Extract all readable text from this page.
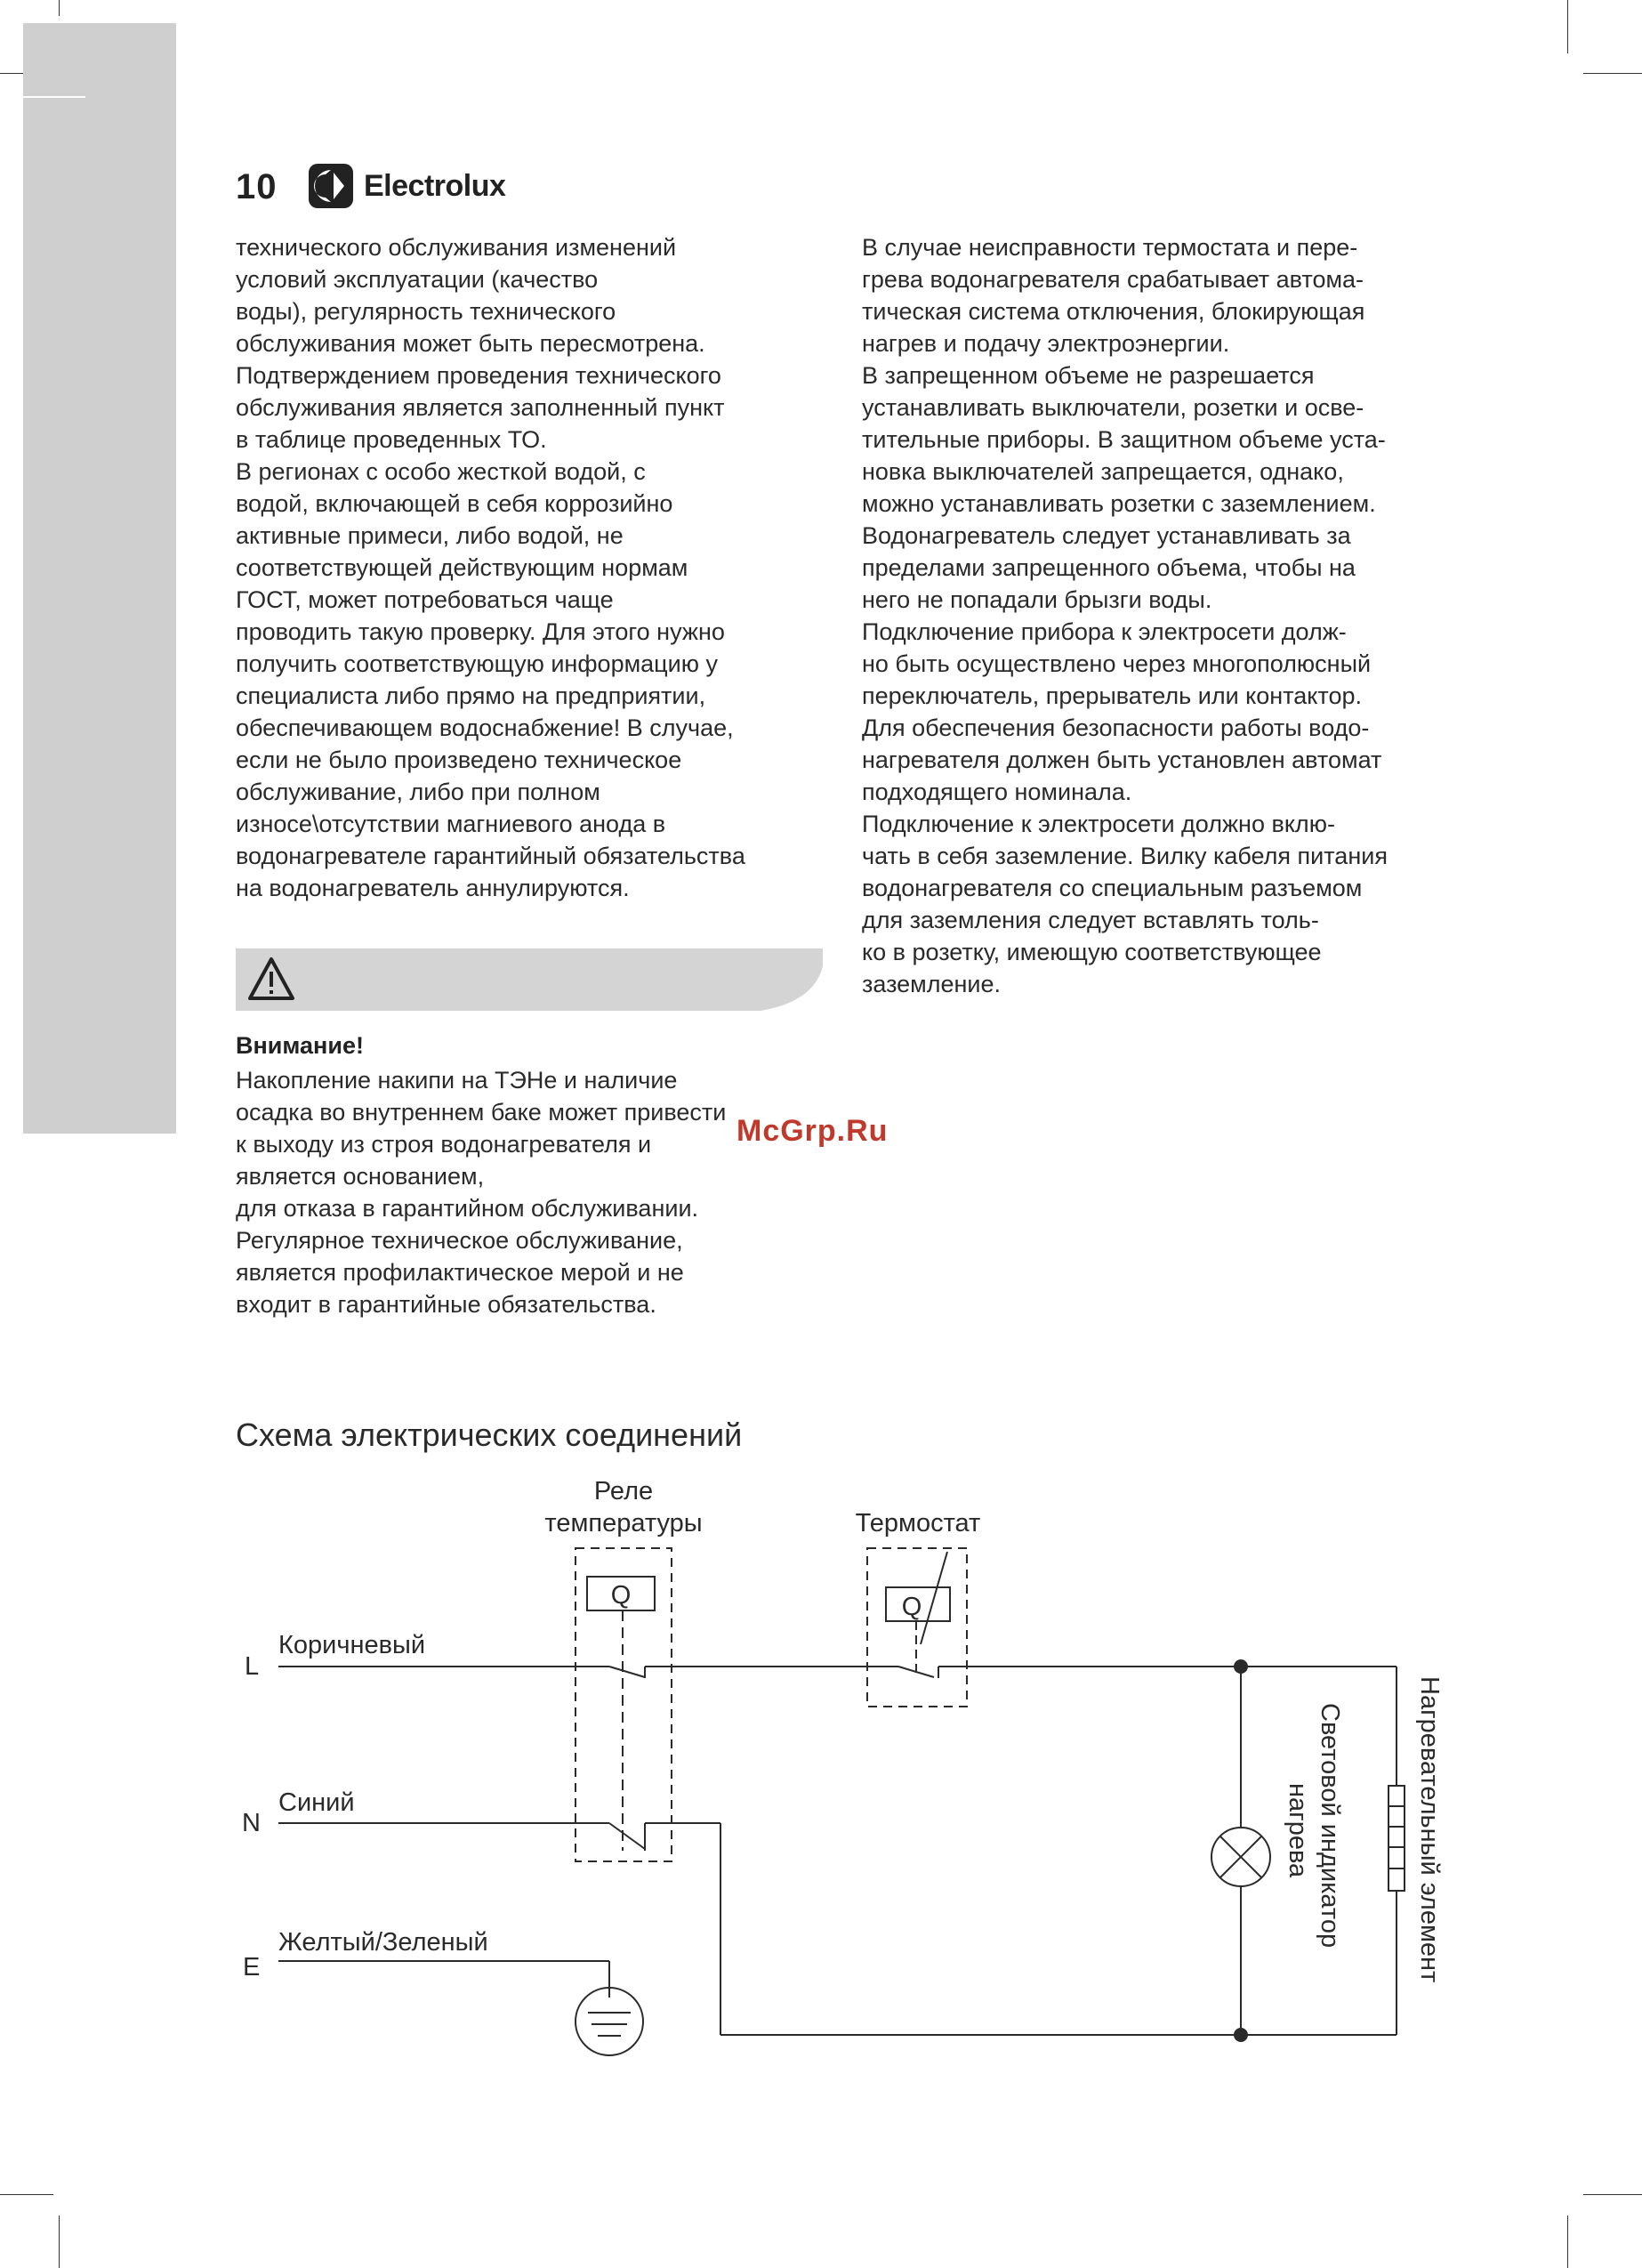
10	Electrolux

технического обслуживания изменений

условий эксплуатации (качество

воды), регулярность технического

обслуживания может быть пересмотрена.

Подтверждением проведения технического

обслуживания является заполненный пункт

в таблице проведенных ТО.

В регионах с особо жесткой водой, с

водой, включающей в себя коррозийно

активные примеси, либо водой, не

соответствующей действующим нормам

ГОСТ, может потребоваться чаще

проводить такую проверку. Для этого нужно

получить соответствующую информацию у

специалиста либо прямо на предприятии,

обеспечивающем водоснабжение! В случае,

если не было произведено техническое

обслуживание, либо при полном

износе\отсутствии магниевого анода в

водонагревателе гарантийный обязательства

на водонагреватель аннулируются.

В случае неисправности термостата и пере-

грева водонагревателя срабатывает автома-

тическая система отключения, блокирующая

нагрев и подачу электроэнергии.

В запрещенном объеме не разрешается

устанавливать выключатели, розетки и осве-

тительные приборы. В защитном объеме уста-

новка выключателей запрещается, однако,

можно устанавливать розетки с заземлением.

Водонагреватель следует устанавливать за

пределами запрещенного объема, чтобы на

него не попадали брызги воды.

Подключение прибора к электросети долж-

но быть осуществлено через многополюсный

переключатель, прерыватель или контактор.

Для обеспечения безопасности работы водо-

нагревателя должен быть установлен автомат

подходящего номинала.

Подключение к электросети должно вклю-

чать в себя заземление. Вилку кабеля питания

водонагревателя со специальным разъемом

для заземления следует вставлять толь-

ко в розетку, имеющую соответствующее

заземление.

Внимание!

Накопление накипи на ТЭНе и наличие

осадка во внутреннем баке может привести

к выходу из строя водонагревателя и

является основанием,

для отказа в гарантийном обслуживании.

Регулярное техническое обслуживание,

является профилактическое мерой и не

входит в гарантийные обязательства.

McGrp.Ru
Схема электрических соединений
Реле
температуры	Термостат
Q	Q
L
N
E
Коричневый
Синий
Желтый/Зеленый	Световой индикатор
нагрева	Нагревательный элемент
